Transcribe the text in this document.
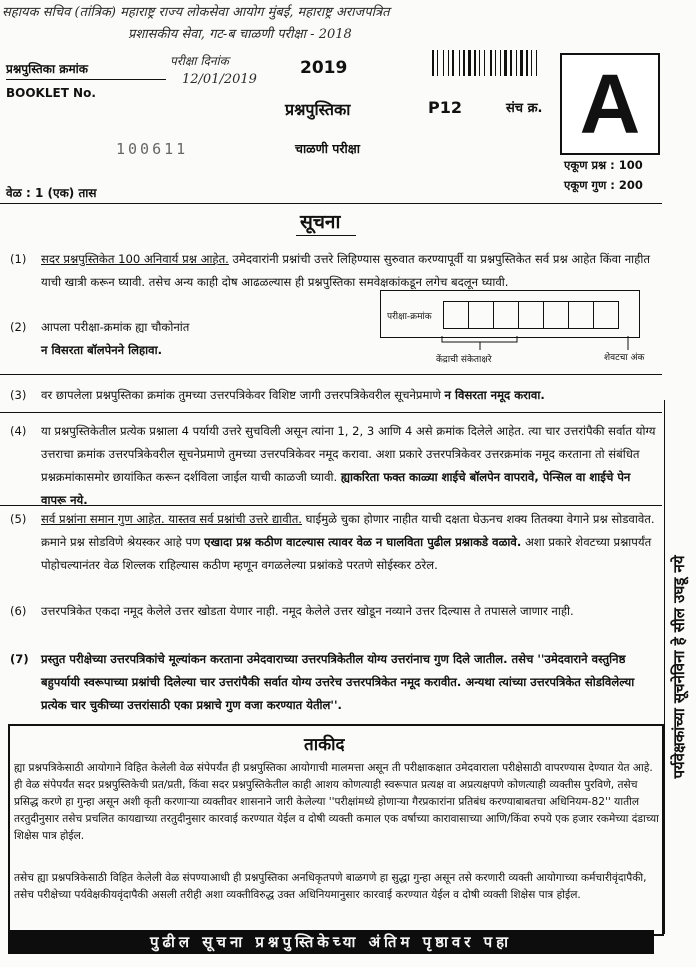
सहायक सचिव (तांत्रिक) महाराष्ट्र राज्य लोकसेवा आयोग मुंबई, महाराष्ट्र अराजपत्रित
प्रशासकीय सेवा, गट-ब चाळणी परीक्षा - 2018
परीक्षा दिनांक
12/01/2019
प्रश्नपुस्तिका क्रमांक
BOOKLET No.
2019
प्रश्नपुस्तिका	P12	संच क्र. A
100611	चाळणी परीक्षा
एकूण प्रश्न : 100
एकूण गुण : 200
वेळ : 1 (एक) तास
सूचना
(1)	सदर प्रश्नपुस्तिकेत 100 अनिवार्य प्रश्न आहेत. उमेदवारांनी प्रश्नांची उत्तरे लिहिण्यास सुरुवात करण्यापूर्वी या प्रश्नपुस्तिकेत सर्व प्रश्न आहेत किंवा नाहीत याची खात्री करून घ्यावी. तसेच अन्य काही दोष आढळल्यास ही प्रश्नपुस्तिका समवेक्षकांकडून लगेच बदलून घ्यावी.
(2)	आपला परीक्षा-क्रमांक ह्या चौकोनांत
न विसरता बॉलपेनने लिहावा.
परीक्षा-क्रमांक
केंद्राची संकेताक्षरे	शेवटचा अंक
(3)	वर छापलेला प्रश्नपुस्तिका क्रमांक तुमच्या उत्तरपत्रिकेवर विशिष्ट जागी उत्तरपत्रिकेवरील सूचनेप्रमाणे न विसरता नमूद करावा.
(4)	या प्रश्नपुस्तिकेतील प्रत्येक प्रश्नाला 4 पर्यायी उत्तरे सुचविली असून त्यांना 1, 2, 3 आणि 4 असे क्रमांक दिलेले आहेत. त्या चार उत्तरांपैकी सर्वात योग्य उत्तराचा क्रमांक उत्तरपत्रिकेवरील सूचनेप्रमाणे तुमच्या उत्तरपत्रिकेवर नमूद करावा. अशा प्रकारे उत्तरपत्रिकेवर उत्तरक्रमांक नमूद करताना तो संबंधित प्रश्नक्रमांकासमोर छायांकित करून दर्शविला जाईल याची काळजी घ्यावी. ह्याकरिता फक्त काळ्या शाईचे बॉलपेन वापरावे, पेन्सिल वा शाईचे पेन वापरू नये.
(5)	सर्व प्रश्नांना समान गुण आहेत. यास्तव सर्व प्रश्नांची उत्तरे द्यावीत. घाईमुळे चुका होणार नाहीत याची दक्षता घेऊनच शक्य तितक्या वेगाने प्रश्न सोडवावेत. क्रमाने प्रश्न सोडविणे श्रेयस्कर आहे पण एखादा प्रश्न कठीण वाटल्यास त्यावर वेळ न घालविता पुढील प्रश्नाकडे वळावे. अशा प्रकारे शेवटच्या प्रश्नापर्यंत पोहोचल्यानंतर वेळ शिल्लक राहिल्यास कठीण म्हणून वगळलेल्या प्रश्नांकडे परतणे सोईस्कर ठरेल.
(6)	उत्तरपत्रिकेत एकदा नमूद केलेले उत्तर खोडता येणार नाही. नमूद केलेले उत्तर खोडून नव्याने उत्तर दिल्यास ते तपासले जाणार नाही.
(7)	प्रस्तुत परीक्षेच्या उत्तरपत्रिकांचे मूल्यांकन करताना उमेदवाराच्या उत्तरपत्रिकेतील योग्य उत्तरांनाच गुण दिले जातील. तसेच ''उमेदवाराने वस्तुनिष्ठ बहुपर्यायी स्वरूपाच्या प्रश्नांची दिलेल्या चार उत्तरांपैकी सर्वात योग्य उत्तरेच उत्तरपत्रिकेत नमूद करावीत. अन्यथा त्यांच्या उत्तरपत्रिकेत सोडविलेल्या प्रत्येक चार चुकीच्या उत्तरांसाठी एका प्रश्नाचे गुण वजा करण्यात येतील''.
ताकीद
ह्या प्रश्नपत्रिकेसाठी आयोगाने विहित केलेली वेळ संपेपर्यंत ही प्रश्नपुस्तिका आयोगाची मालमत्ता असून ती परीक्षाकक्षात उमेदवाराला परीक्षेसाठी वापरण्यास देण्यात येत आहे. ही वेळ संपेपर्यंत सदर प्रश्नपुस्तिकेची प्रत/प्रती, किंवा सदर प्रश्नपुस्तिकेतील काही आशय कोणत्याही स्वरूपात प्रत्यक्ष वा अप्रत्यक्षपणे कोणत्याही व्यक्तीस पुरविणे, तसेच प्रसिद्ध करणे हा गुन्हा असून अशी कृती करणाऱ्या व्यक्तीवर शासनाने जारी केलेल्या ''परीक्षांमध्ये होणाऱ्या गैरप्रकारांना प्रतिबंध करण्याबाबतचा अधिनियम-82'' यातील तरतुदीनुसार तसेच प्रचलित कायद्याच्या तरतुदीनुसार कारवाई करण्यात येईल व दोषी व्यक्ती कमाल एक वर्षाच्या कारावासाच्या आणि/किंवा रुपये एक हजार रकमेच्या दंडाच्या शिक्षेस पात्र होईल.
तसेच ह्या प्रश्नपत्रिकेसाठी विहित केलेली वेळ संपण्याआधी ही प्रश्नपुस्तिका अनधिकृतपणे बाळगणे हा सुद्धा गुन्हा असून तसे करणारी व्यक्ती आयोगाच्या कर्मचारीवृंदापैकी, तसेच परीक्षेच्या पर्यवेक्षकीयवृंदापैकी असली तरीही अशा व्यक्तीविरुद्ध उक्त अधिनियमानुसार कारवाई करण्यात येईल व दोषी व्यक्ती शिक्षेस पात्र होईल.
पुढील सूचना प्रश्नपुस्तिकेच्या अंतिम पृष्ठावर पहा
पर्यवेक्षकांच्या सूचनेविना हे सील उघडू नये
